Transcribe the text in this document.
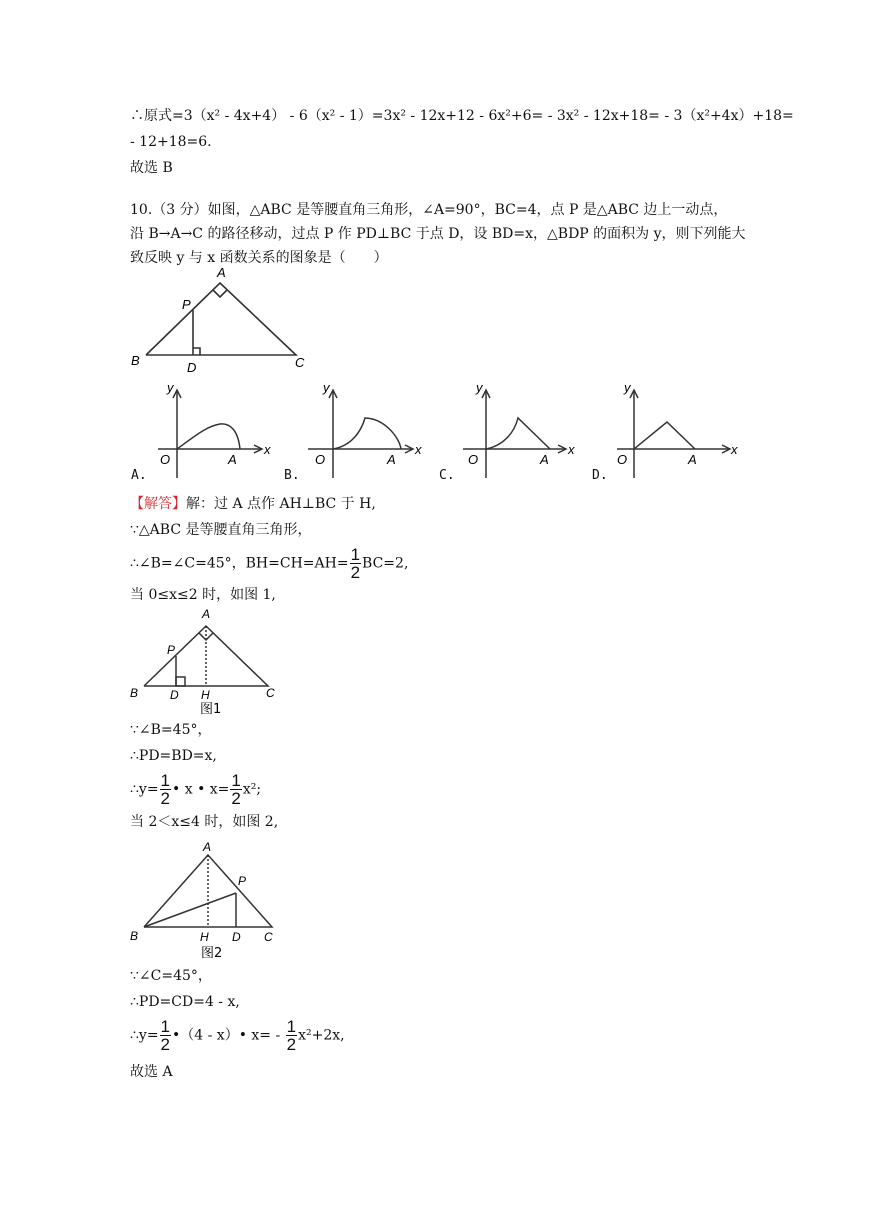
∴原式=3（x² - 4x+4） - 6（x² - 1）=3x² - 12x+12 - 6x²+6= - 3x² - 12x+18= - 3（x²+4x）+18=
- 12+18=6.
故选 B
10.（3 分）如图，△ABC 是等腰直角三角形，∠A=90°，BC=4，点 P 是△ABC 边上一动点，
沿 B→A→C 的路径移动，过点 P 作 PD⊥BC 于点 D，设 BD=x，△BDP 的面积为 y，则下列能大
致反映 y 与 x 函数关系的图象是（　　）
A
P
B	D	C
y
x
O	A
A.
y
x
O	A
B.
y
x
O	A
C.
y
x
O	A
D.
【解答】解：过 A 点作 AH⊥BC 于 H,
∵△ABC 是等腰直角三角形，
∴∠B=∠C=45°，$BH=CH=AH= \frac{1}{2} BC=2$,
当 0≤x≤2 时，如图 1,
A
P
B	D H	C
图1
∵∠B=45°，
∴PD=BD=x,
∴y= $\frac{1}{2}$ • x • $x= \frac{1}{2} x^2$;
当 2＜x≤4 时，如图 2,
A
P
B	H D C
图2
∵∠C=45°，
∴PD=CD=4 - x,
∴y= $\frac{1}{2}$ •（4 - x）• $x= - \frac{1}{2} x^2+2x$,
故选 A
